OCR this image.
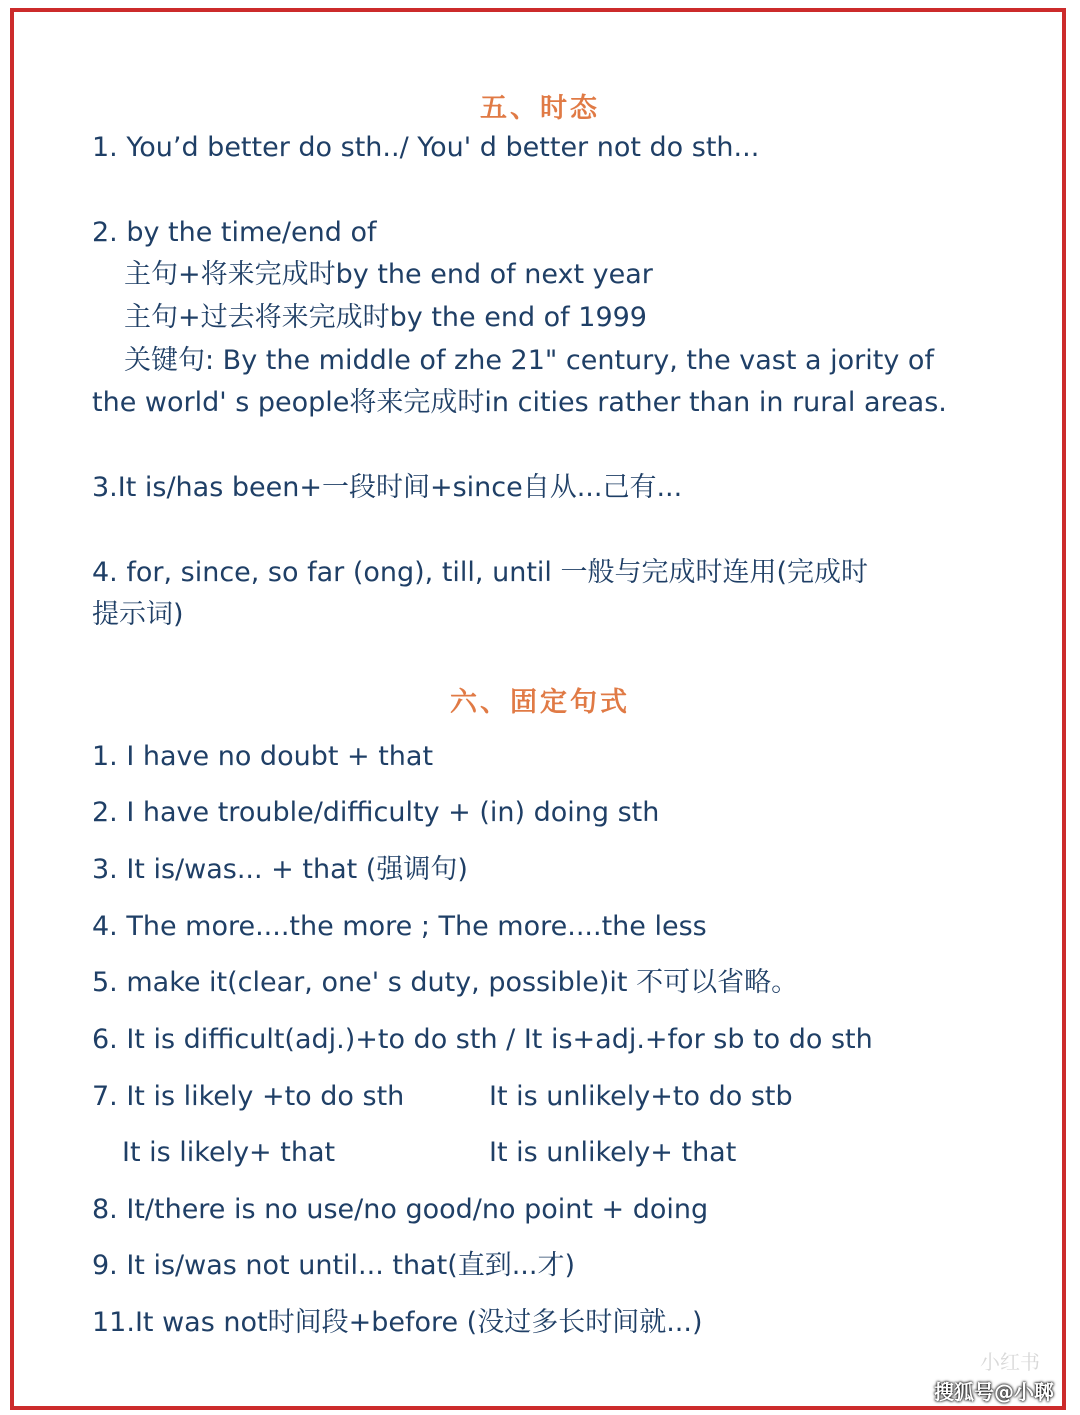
五、时态
1. You’d better do sth../ You' d better not do sth...
2. by the time/end of
主句+将来完成时by the end of next year
主句+过去将来完成时by the end of 1999
关键句: By the middle of zhe 21" century, the vast a jority of
the world' s people将来完成时in cities rather than in rural areas.
3.It is/has been+一段时间+since自从...己有...
4. for, since, so far (ong), till, until 一般与完成时连用(完成时
提示词)
六、固定句式
1. I have no doubt + that
2. I have trouble/difficulty + (in) doing sth
3. It is/was... + that (强调句)
4. The more....the more ; The more....the less
5. make it(clear, one' s duty, possible)it 不可以省略。
6. It is difficult(adj.)+to do sth / It is+adj.+for sb to do sth
7. It is likely +to do sth	It is unlikely+to do stb
It is likely+ that	It is unlikely+ that
8. It/there is no use/no good/no point + doing
9. It is/was not until... that(直到...才)
11.It was not时间段+before (没过多长时间就...)
小红书
搜狐号@小郰
